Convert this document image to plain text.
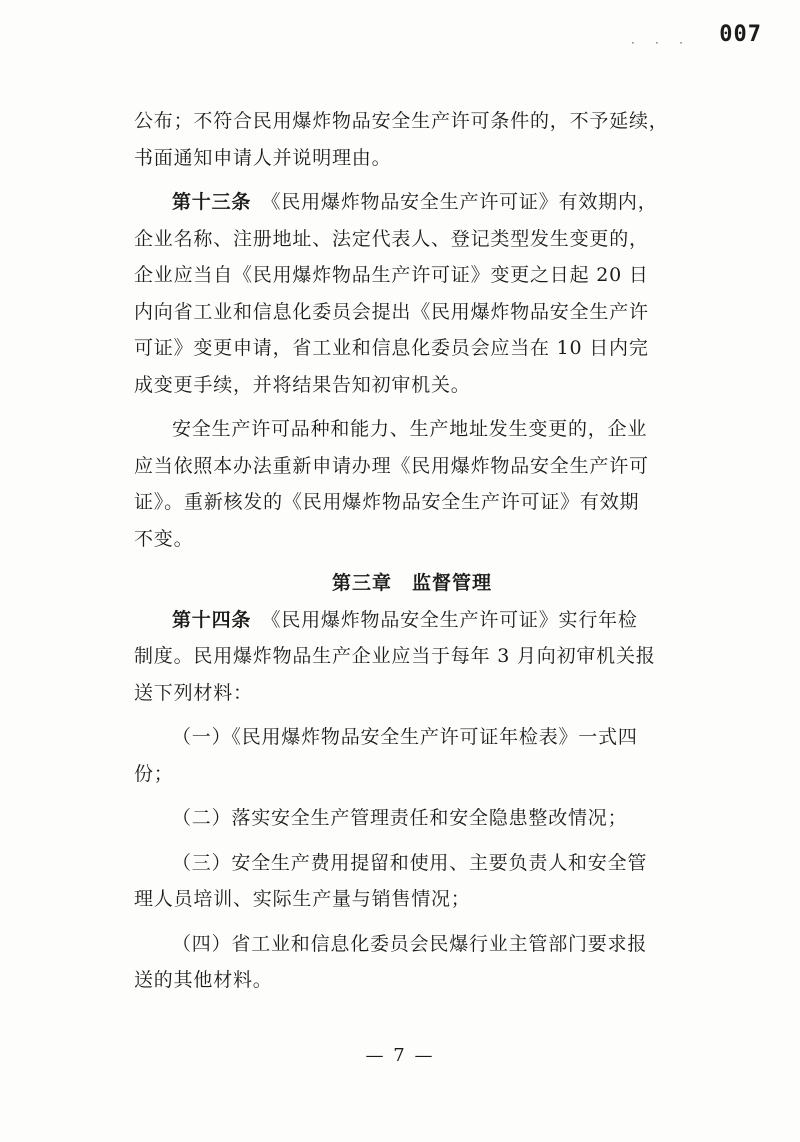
· · · 007
公布；不符合民用爆炸物品安全生产许可条件的，不予延续，
书面通知申请人并说明理由。
第十三条　 《民用爆炸物品安全生产许可证》有效期内，
企业名称、注册地址、法定代表人、登记类型发生变更的，
企业应当自《民用爆炸物品生产许可证》变更之日起 20 日
内向省工业和信息化委员会提出《民用爆炸物品安全生产许
可证》变更申请，省工业和信息化委员会应当在 10 日内完
成变更手续，并将结果告知初审机关。
安全生产许可品种和能力、生产地址发生变更的，企业
应当依照本办法重新申请办理《民用爆炸物品安全生产许可
证》。重新核发的《民用爆炸物品安全生产许可证》有效期
不变。
第三章　监督管理
第十四条　 《民用爆炸物品安全生产许可证》实行年检
制度。民用爆炸物品生产企业应当于每年 3 月向初审机关报
送下列材料：
（一）《民用爆炸物品安全生产许可证年检表》一式四
份；
（二）落实安全生产管理责任和安全隐患整改情况；
（三）安全生产费用提留和使用、主要负责人和安全管
理人员培训、实际生产量与销售情况；
（四）省工业和信息化委员会民爆行业主管部门要求报
送的其他材料。
— 7 —
